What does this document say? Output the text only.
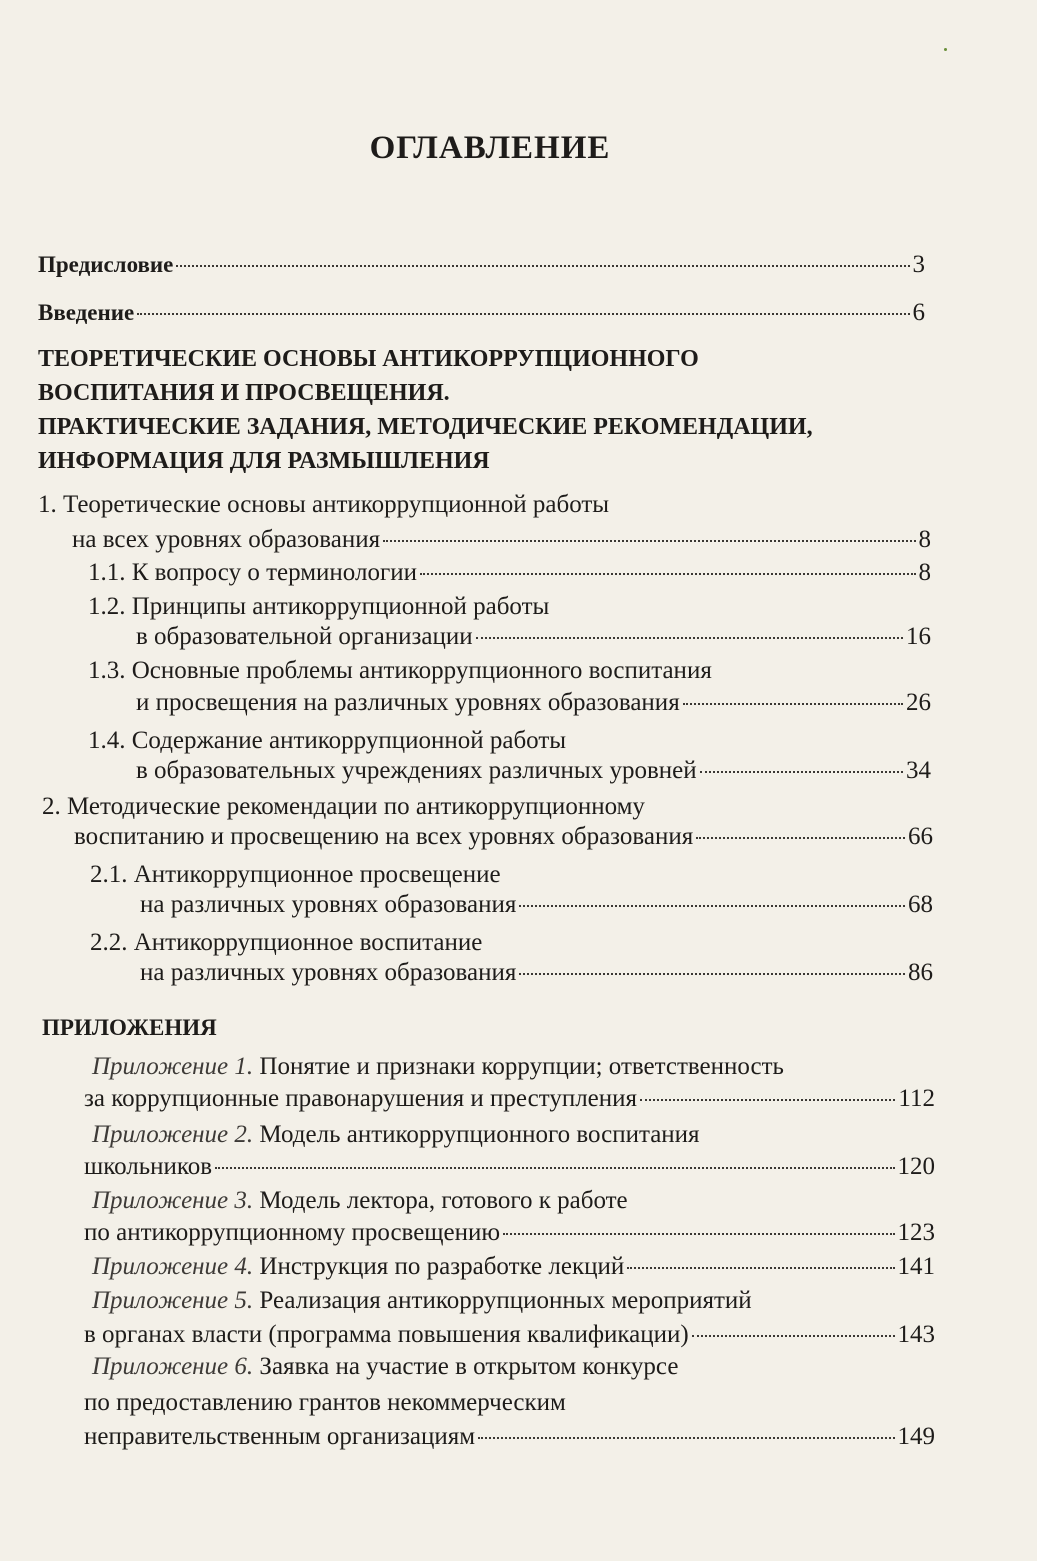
ОГЛАВЛЕНИЕ
Предисловие	3
Введение	6
ТЕОРЕТИЧЕСКИЕ ОСНОВЫ АНТИКОРРУПЦИОННОГО
ВОСПИТАНИЯ И ПРОСВЕЩЕНИЯ.
ПРАКТИЧЕСКИЕ ЗАДАНИЯ, МЕТОДИЧЕСКИЕ РЕКОМЕНДАЦИИ,
ИНФОРМАЦИЯ ДЛЯ РАЗМЫШЛЕНИЯ
1. Теоретические основы антикоррупционной работы
на всех уровнях образования	8
1.1. К вопросу о терминологии	8
1.2. Принципы антикоррупционной работы
в образовательной организации	16
1.3. Основные проблемы антикоррупционного воспитания
и просвещения на различных уровнях образования	26
1.4. Содержание антикоррупционной работы
в образовательных учреждениях различных уровней	34
2. Методические рекомендации по антикоррупционному
воспитанию и просвещению на всех уровнях образования	66
2.1. Антикоррупционное просвещение
на различных уровнях образования	68
2.2. Антикоррупционное воспитание
на различных уровнях образования	86
ПРИЛОЖЕНИЯ
Приложение 1. Понятие и признаки коррупции; ответственность
за коррупционные правонарушения и преступления	112
Приложение 2. Модель антикоррупционного воспитания
школьников	120
Приложение 3. Модель лектора, готового к работе
по антикоррупционному просвещению	123
Приложение 4. Инструкция по разработке лекций	141
Приложение 5. Реализация антикоррупционных мероприятий
в органах власти (программа повышения квалификации)	143
Приложение 6. Заявка на участие в открытом конкурсе
по предоставлению грантов некоммерческим
неправительственным организациям	149
